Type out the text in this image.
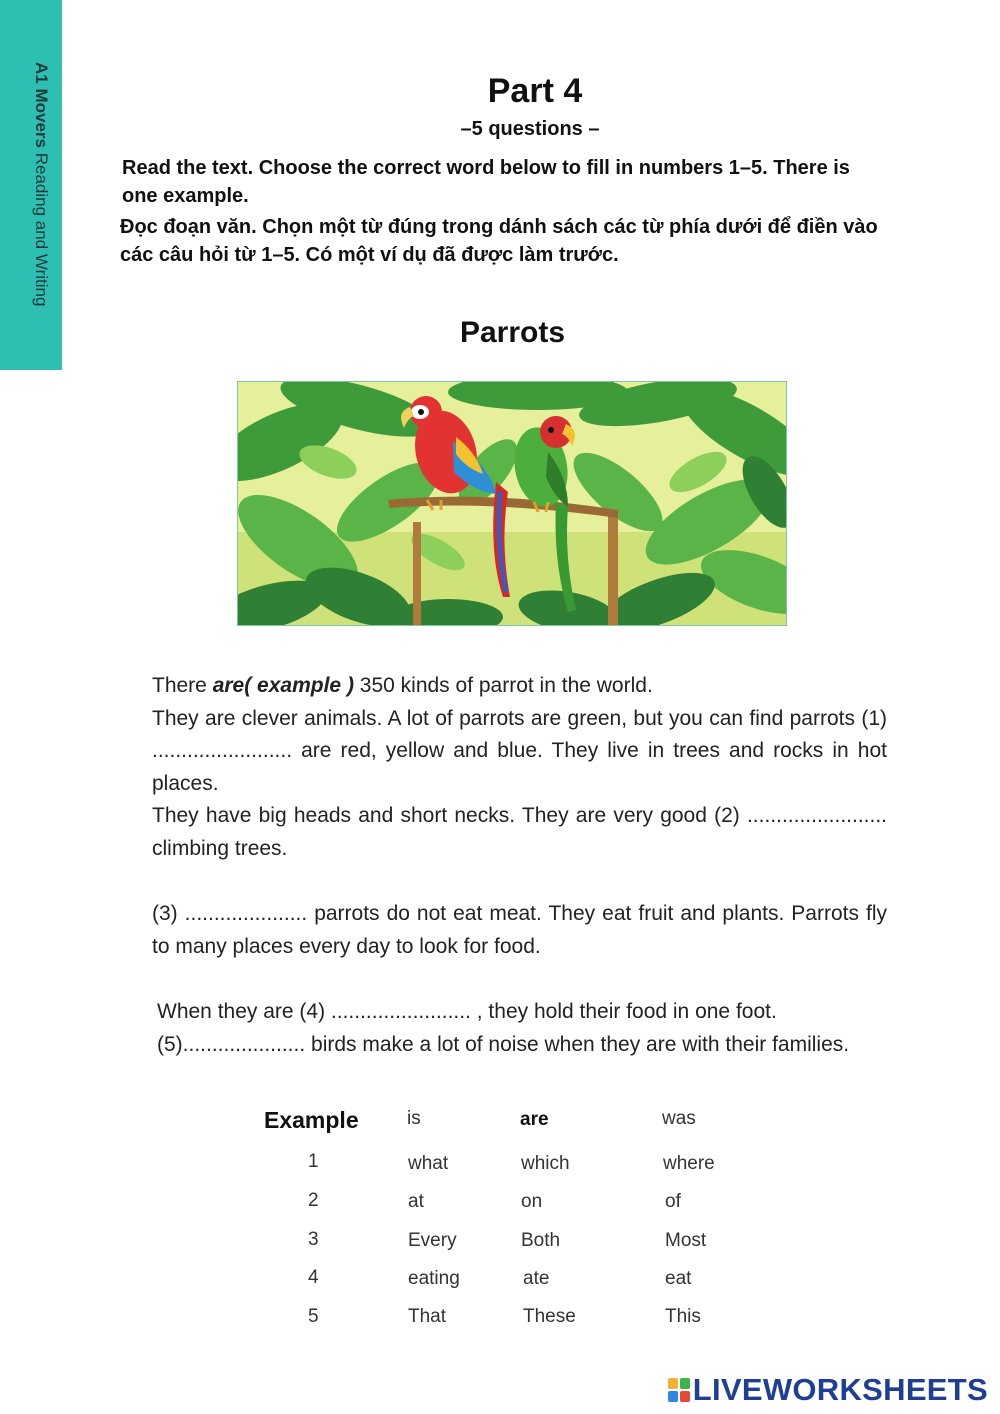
A1 Movers Reading and Writing
Part 4
–5 questions –
Read the text. Choose the correct word below to fill in numbers 1–5. There is one example.
Đọc đoạn văn. Chọn một từ đúng trong dánh sách các từ phía dưới để điền vào các câu hỏi từ 1–5. Có một ví dụ đã được làm trước.
Parrots

There are( example ) 350 kinds of parrot in the world.

They are clever animals. A lot of parrots are green, but you can find parrots (1) ........................ are red, yellow and blue. They live in trees and rocks in hot places.

They have big heads and short necks. They are very good (2) ........................ climbing trees.

(3) ..................... parrots do not eat meat. They eat fruit and plants. Parrots fly to many places every day to look for food.

When they are (4) ........................ , they hold their food in one foot.

(5)..................... birds make a lot of noise when they are with their families.

Example	is	are	was
1	what	which	where
2	at	on	of
3	Every	Both	Most
4	eating	ate	eat
5	That	These	This
LIVEWORKSHEETS
